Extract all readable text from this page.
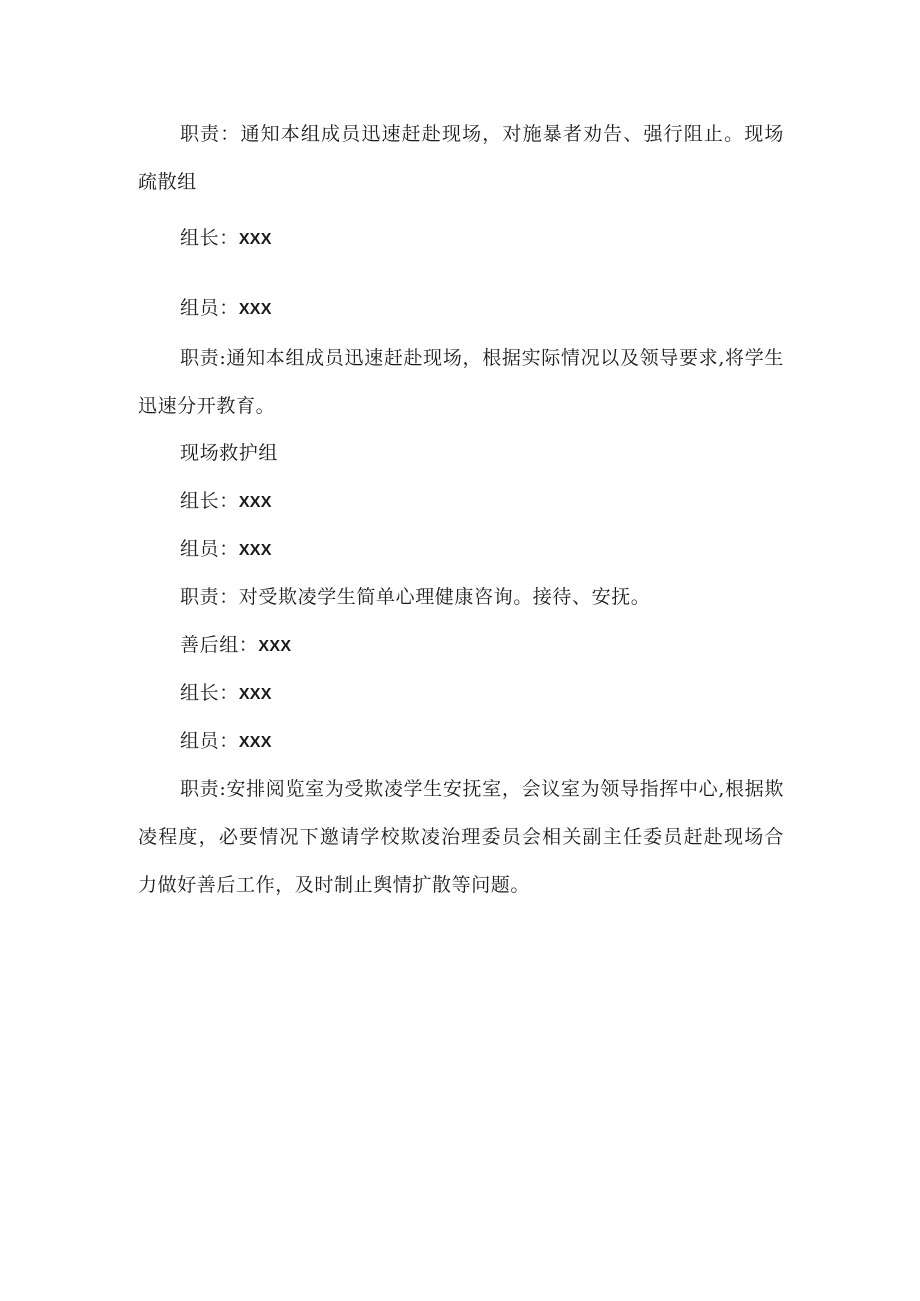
职责：通知本组成员迅速赶赴现场，对施暴者劝告、强行阻止。现场疏散组

组长：XXX

组员：XXX

职责:通知本组成员迅速赶赴现场，根据实际情况以及领导要求,将学生迅速分开教育。

现场救护组

组长：XXX

组员：XXX

职责：对受欺凌学生简单心理健康咨询。接待、安抚。

善后组：XXX

组长：XXX

组员：XXX

职责:安排阅览室为受欺凌学生安抚室，会议室为领导指挥中心,根据欺凌程度，必要情况下邀请学校欺凌治理委员会相关副主任委员赶赴现场合力做好善后工作，及时制止舆情扩散等问题。
